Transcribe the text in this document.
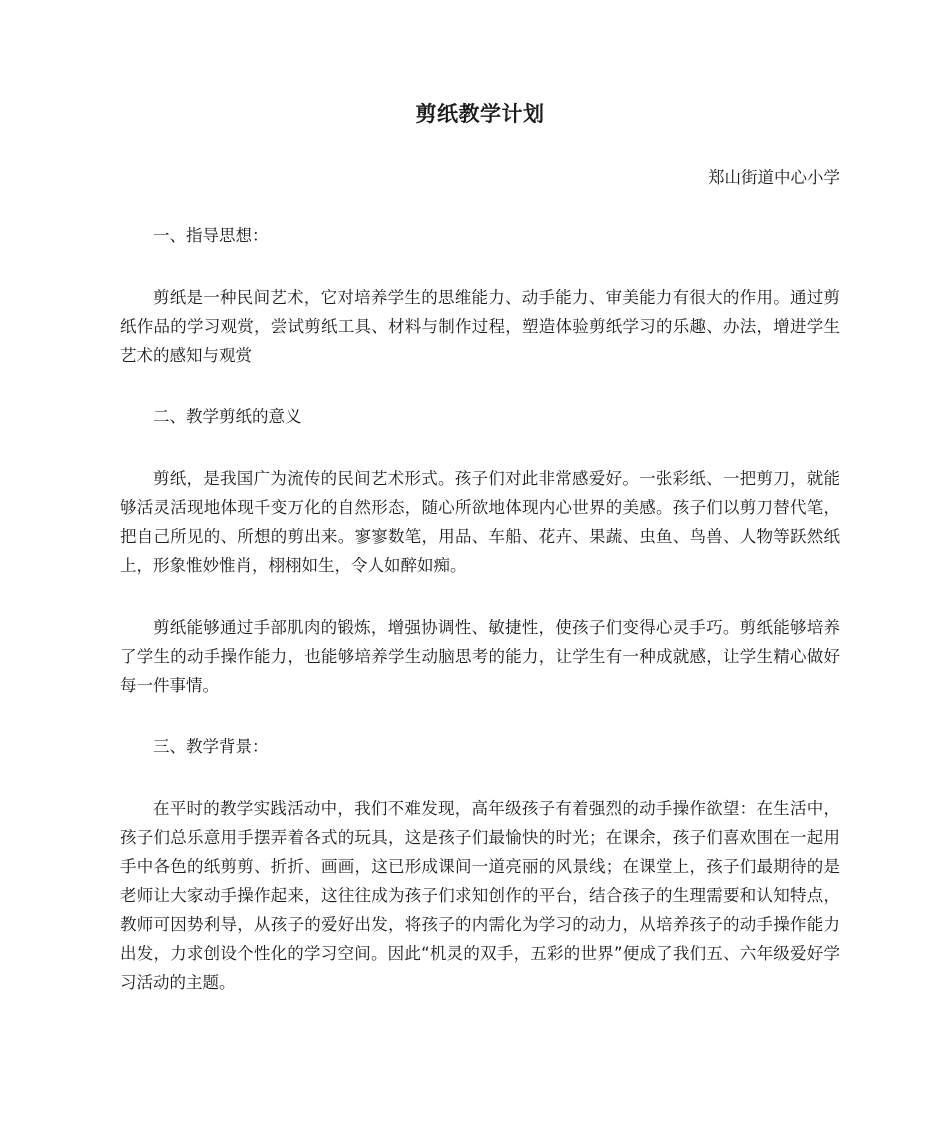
剪纸教学计划

郑山街道中心小学

一、指导思想：

剪纸是一种民间艺术，它对培养学生的思维能力、动手能力、审美能力有很大的作用。通过剪纸作品的学习观赏，尝试剪纸工具、材料与制作过程，塑造体验剪纸学习的乐趣、办法，增进学生艺术的感知与观赏

二、教学剪纸的意义

剪纸，是我国广为流传的民间艺术形式。孩子们对此非常感爱好。一张彩纸、一把剪刀，就能够活灵活现地体现千变万化的自然形态，随心所欲地体现内心世界的美感。孩子们以剪刀替代笔，把自己所见的、所想的剪出来。寥寥数笔，用品、车船、花卉、果蔬、虫鱼、鸟兽、人物等跃然纸上，形象惟妙惟肖，栩栩如生，令人如醉如痴。

剪纸能够通过手部肌肉的锻炼，增强协调性、敏捷性，使孩子们变得心灵手巧。剪纸能够培养了学生的动手操作能力，也能够培养学生动脑思考的能力，让学生有一种成就感，让学生精心做好每一件事情。

三、教学背景：

在平时的教学实践活动中，我们不难发现，高年级孩子有着强烈的动手操作欲望：在生活中，孩子们总乐意用手摆弄着各式的玩具，这是孩子们最愉快的时光；在课余，孩子们喜欢围在一起用手中各色的纸剪剪、折折、画画，这已形成课间一道亮丽的风景线；在课堂上，孩子们最期待的是老师让大家动手操作起来，这往往成为孩子们求知创作的平台，结合孩子的生理需要和认知特点，教师可因势利导，从孩子的爱好出发，将孩子的内需化为学习的动力，从培养孩子的动手操作能力出发，力求创设个性化的学习空间。因此“机灵的双手，五彩的世界”便成了我们五、六年级爱好学习活动的主题。
